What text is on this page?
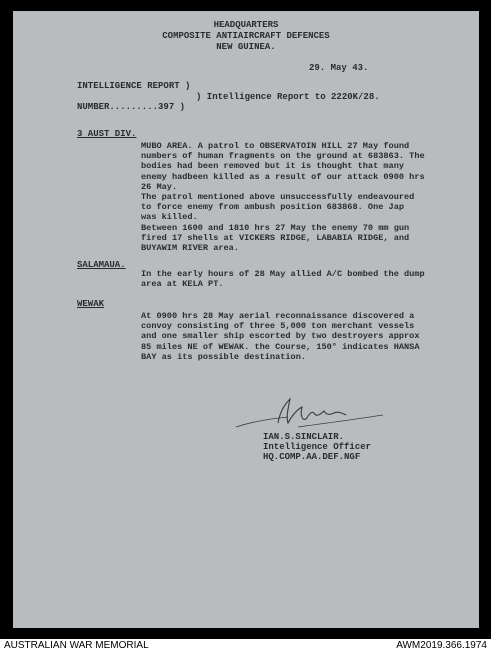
HEADQUARTERS
COMPOSITE ANTIAIRCRAFT DEFENCES
NEW GUINEA.
29. May 43.
INTELLIGENCE REPORT )
NUMBER.........397 )
) Intelligence Report to 2220K/28.
3 AUST DIV.
MUBO AREA. A patrol to OBSERVATOIN HILL 27 May found
numbers of human fragments on the ground at 683863. The
bodies had been removed but it is thought that many
enemy hadbeen killed as a result of our attack 0900 hrs
26 May.
The patrol mentioned above unsuccessfully endeavoured
to force enemy from ambush position 683868. One Jap
was killed.
Between 1600 and 1810 hrs 27 May the enemy 70 mm gun
fired 17 shells at VICKERS RIDGE, LABABIA RIDGE, and
BUYAWIM RIVER area.
SALAMAUA.
In the early hours of 28 May allied A/C bombed the dump
area at KELA PT.
WEWAK
At 0900 hrs 28 May aerial reconnaissance discovered a
convoy consisting of three 5,000 ton merchant vessels
and one smaller ship escorted by two destroyers approx
85 miles NE of WEWAK. the Course, 150° indicates HANSA
BAY as its possible destination.
IAN.S.SINCLAIR.
Intelligence Officer
HQ.COMP.AA.DEF.NGF
AUSTRALIAN WAR MEMORIAL	AWM2019.366.1974
